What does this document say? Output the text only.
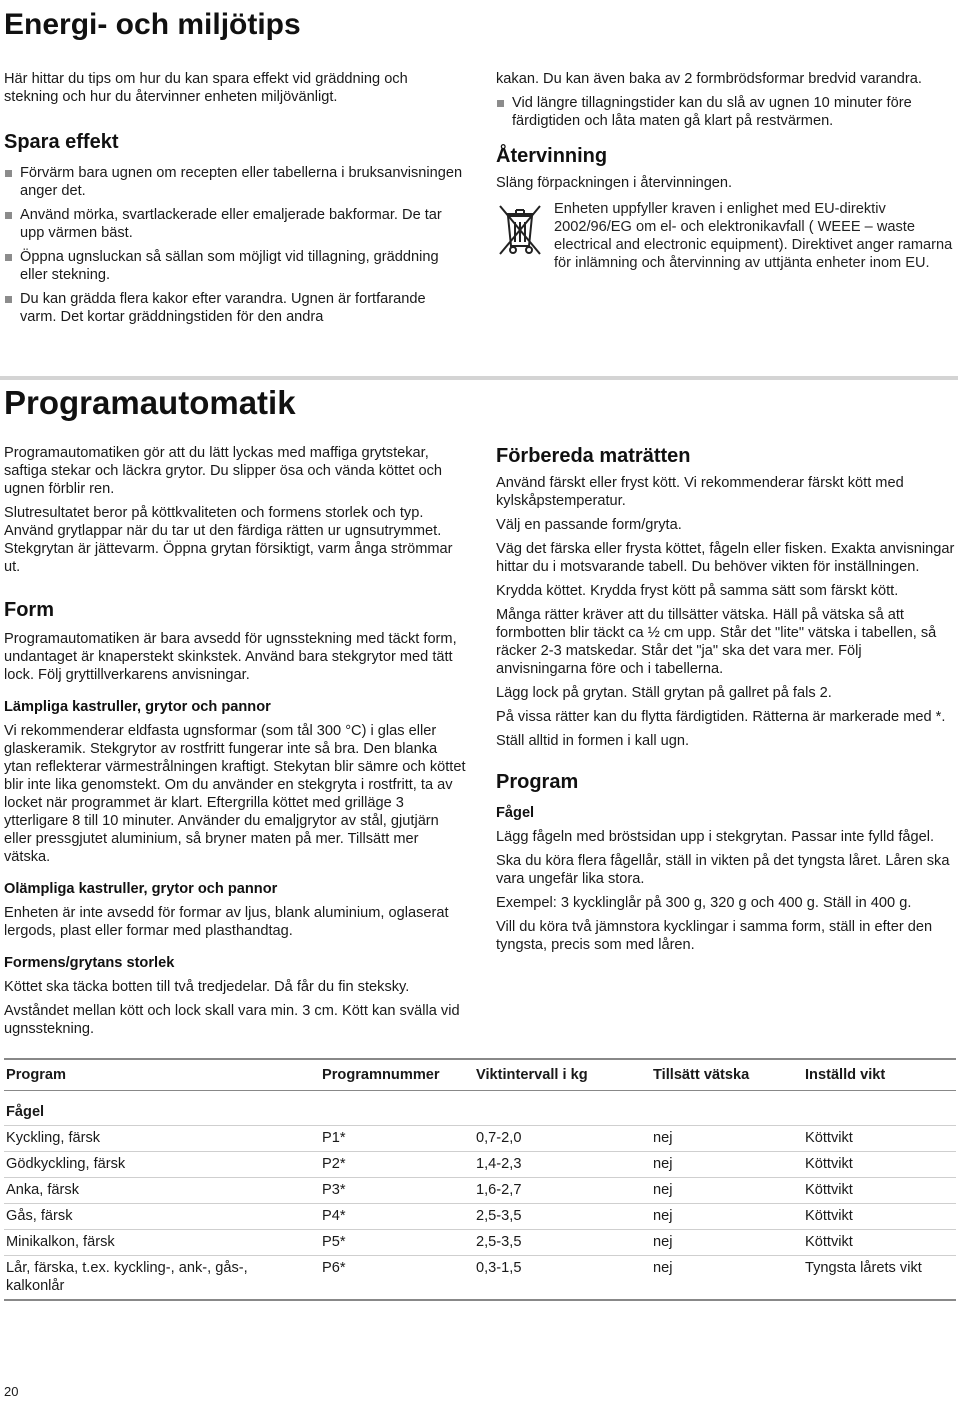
Energi- och miljötips

Här hittar du tips om hur du kan spara effekt vid gräddning och stekning och hur du återvinner enheten miljövänligt.

Spara effekt
Förvärm bara ugnen om recepten eller tabellerna i bruksanvisningen anger det.
Använd mörka, svartlackerade eller emaljerade bakformar. De tar upp värmen bäst.
Öppna ugnsluckan så sällan som möjligt vid tillagning, gräddning eller stekning.
Du kan grädda flera kakor efter varandra. Ugnen är fortfarande varm. Det kortar gräddningstiden för den andra

kakan. Du kan även baka av 2 formbrödsformar bredvid varandra.

Vid längre tillagningstider kan du slå av ugnen 10 minuter före färdigtiden och låta maten gå klart på restvärmen.
Återvinning

Släng förpackningen i återvinningen.

Enheten uppfyller kraven i enlighet med EU-direktiv 2002/96/EG om el- och elektronikavfall ( WEEE – waste electrical and electronic equipment). Direktivet anger ramarna för inlämning och återvinning av uttjänta enheter inom EU.

Programautomatik

Programautomatiken gör att du lätt lyckas med maffiga grytstekar, saftiga stekar och läckra grytor. Du slipper ösa och vända köttet och ugnen förblir ren.

Slutresultatet beror på köttkvaliteten och formens storlek och typ. Använd grytlappar när du tar ut den färdiga rätten ur ugnsutrymmet. Stekgrytan är jättevarm. Öppna grytan försiktigt, varm ånga strömmar ut.

Form

Programautomatiken är bara avsedd för ugnsstekning med täckt form, undantaget är knaperstekt skinkstek. Använd bara stekgrytor med tätt lock. Följ gryttillverkarens anvisningar.

Lämpliga kastruller, grytor och pannor

Vi rekommenderar eldfasta ugnsformar (som tål 300 °C) i glas eller glaskeramik. Stekgrytor av rostfritt fungerar inte så bra. Den blanka ytan reflekterar värmestrålningen kraftigt. Stekytan blir sämre och köttet blir inte lika genomstekt. Om du använder en stekgryta i rostfritt, ta av locket när programmet är klart. Eftergrilla köttet med grilläge 3 ytterligare 8 till 10 minuter. Använder du emaljgrytor av stål, gjutjärn eller pressgjutet aluminium, så bryner maten på mer. Tillsätt mer vätska.

Olämpliga kastruller, grytor och pannor

Enheten är inte avsedd för formar av ljus, blank aluminium, oglaserat lergods, plast eller formar med plasthandtag.

Formens/grytans storlek

Köttet ska täcka botten till två tredjedelar. Då får du fin steksky.

Avståndet mellan kött och lock skall vara min. 3 cm. Kött kan svälla vid ugnsstekning.

Förbereda maträtten

Använd färskt eller fryst kött. Vi rekommenderar färskt kött med kylskåpstemperatur.

Välj en passande form/gryta.

Väg det färska eller frysta köttet, fågeln eller fisken. Exakta anvisningar hittar du i motsvarande tabell. Du behöver vikten för inställningen.

Krydda köttet. Krydda fryst kött på samma sätt som färskt kött.

Många rätter kräver att du tillsätter vätska. Häll på vätska så att formbotten blir täckt ca ½ cm upp. Står det "lite" vätska i tabellen, så räcker 2-3 matskedar. Står det "ja" ska det vara mer. Följ anvisningarna före och i tabellerna.

Lägg lock på grytan. Ställ grytan på gallret på fals 2.

På vissa rätter kan du flytta färdigtiden. Rätterna är markerade med *.

Ställ alltid in formen i kall ugn.

Program
Fågel

Lägg fågeln med bröstsidan upp i stekgrytan. Passar inte fylld fågel.

Ska du köra flera fågellår, ställ in vikten på det tyngsta låret. Låren ska vara ungefär lika stora.

Exempel: 3 kycklinglår på 300 g, 320 g och 400 g. Ställ in 400 g.

Vill du köra två jämnstora kycklingar i samma form, ställ in efter den tyngsta, precis som med låren.

Program	Programnummer	Viktintervall i kg	Tillsätt vätska	Inställd vikt
Fågel				
Kyckling, färsk	P1*	0,7-2,0	nej	Köttvikt
Gödkyckling, färsk	P2*	1,4-2,3	nej	Köttvikt
Anka, färsk	P3*	1,6-2,7	nej	Köttvikt
Gås, färsk	P4*	2,5-3,5	nej	Köttvikt
Minikalkon, färsk	P5*	2,5-3,5	nej	Köttvikt
Lår, färska, t.ex. kyckling-, ank-, gås-, kalkonlår	P6*	0,3-1,5	nej	Tyngsta lårets vikt
20
